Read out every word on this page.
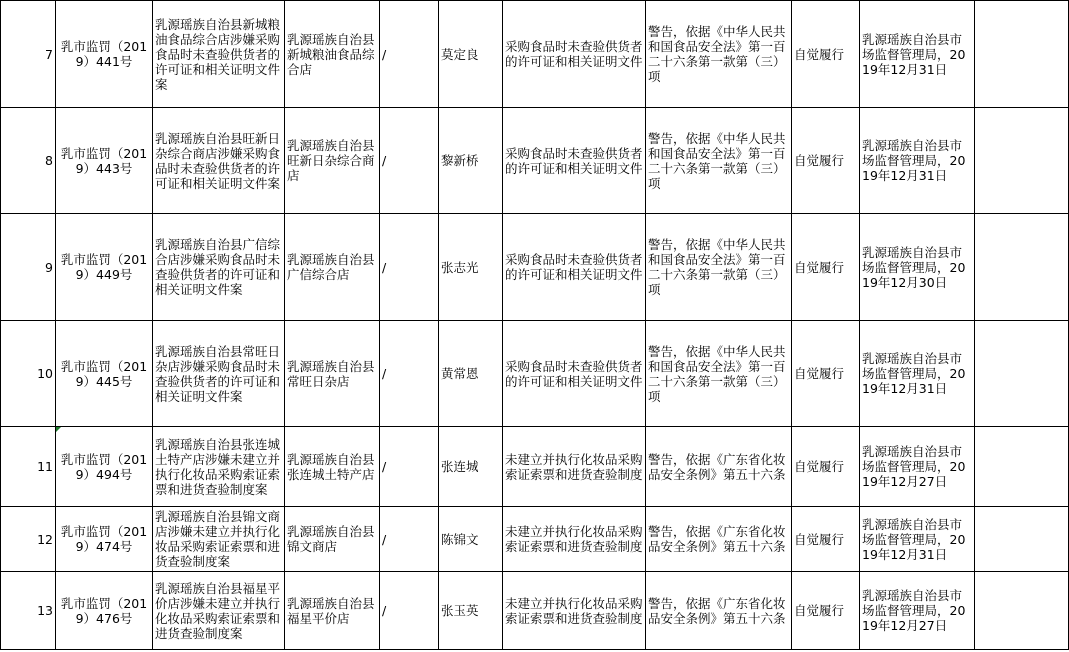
7	乳市监罚（2019）441号	乳源瑶族自治县新城粮油食品综合店涉嫌采购食品时未查验供货者的许可证和相关证明文件案	乳源瑶族自治县新城粮油食品综合店	/	莫定良	采购食品时未查验供货者的许可证和相关证明文件	警告，依据《中华人民共和国食品安全法》第一百二十六条第一款第（三）项	自觉履行	乳源瑶族自治县市场监督管理局，2019年12月31日	
8	乳市监罚（2019）443号	乳源瑶族自治县旺新日杂综合商店涉嫌采购食品时未查验供货者的许可证和相关证明文件案	乳源瑶族自治县旺新日杂综合商店	/	黎新桥	采购食品时未查验供货者的许可证和相关证明文件	警告，依据《中华人民共和国食品安全法》第一百二十六条第一款第（三）项	自觉履行	乳源瑶族自治县市场监督管理局，2019年12月31日	
9	乳市监罚（2019）449号	乳源瑶族自治县广信综合店涉嫌采购食品时未查验供货者的许可证和相关证明文件案	乳源瑶族自治县广信综合店	/	张志光	采购食品时未查验供货者的许可证和相关证明文件	警告，依据《中华人民共和国食品安全法》第一百二十六条第一款第（三）项	自觉履行	乳源瑶族自治县市场监督管理局，2019年12月30日	
10	乳市监罚（2019）445号	乳源瑶族自治县常旺日杂店涉嫌采购食品时未查验供货者的许可证和相关证明文件案	乳源瑶族自治县常旺日杂店	/	黄常恩	采购食品时未查验供货者的许可证和相关证明文件	警告，依据《中华人民共和国食品安全法》第一百二十六条第一款第（三）项	自觉履行	乳源瑶族自治县市场监督管理局，2019年12月31日	
11	乳市监罚（2019）494号	乳源瑶族自治县张连城土特产店涉嫌未建立并执行化妆品采购索证索票和进货查验制度案	乳源瑶族自治县张连城土特产店	/	张连城	未建立并执行化妆品采购索证索票和进货查验制度	警告，依据《广东省化妆品安全条例》第五十六条	自觉履行	乳源瑶族自治县市场监督管理局，2019年12月27日	
12	乳市监罚（2019）474号	乳源瑶族自治县锦文商店涉嫌未建立并执行化妆品采购索证索票和进货查验制度案	乳源瑶族自治县锦文商店	/	陈锦文	未建立并执行化妆品采购索证索票和进货查验制度	警告，依据《广东省化妆品安全条例》第五十六条	自觉履行	乳源瑶族自治县市场监督管理局，2019年12月31日	
13	乳市监罚（2019）476号	乳源瑶族自治县福星平价店涉嫌未建立并执行化妆品采购索证索票和进货查验制度案	乳源瑶族自治县福星平价店	/	张玉英	未建立并执行化妆品采购索证索票和进货查验制度	警告，依据《广东省化妆品安全条例》第五十六条	自觉履行	乳源瑶族自治县市场监督管理局，2019年12月27日	
